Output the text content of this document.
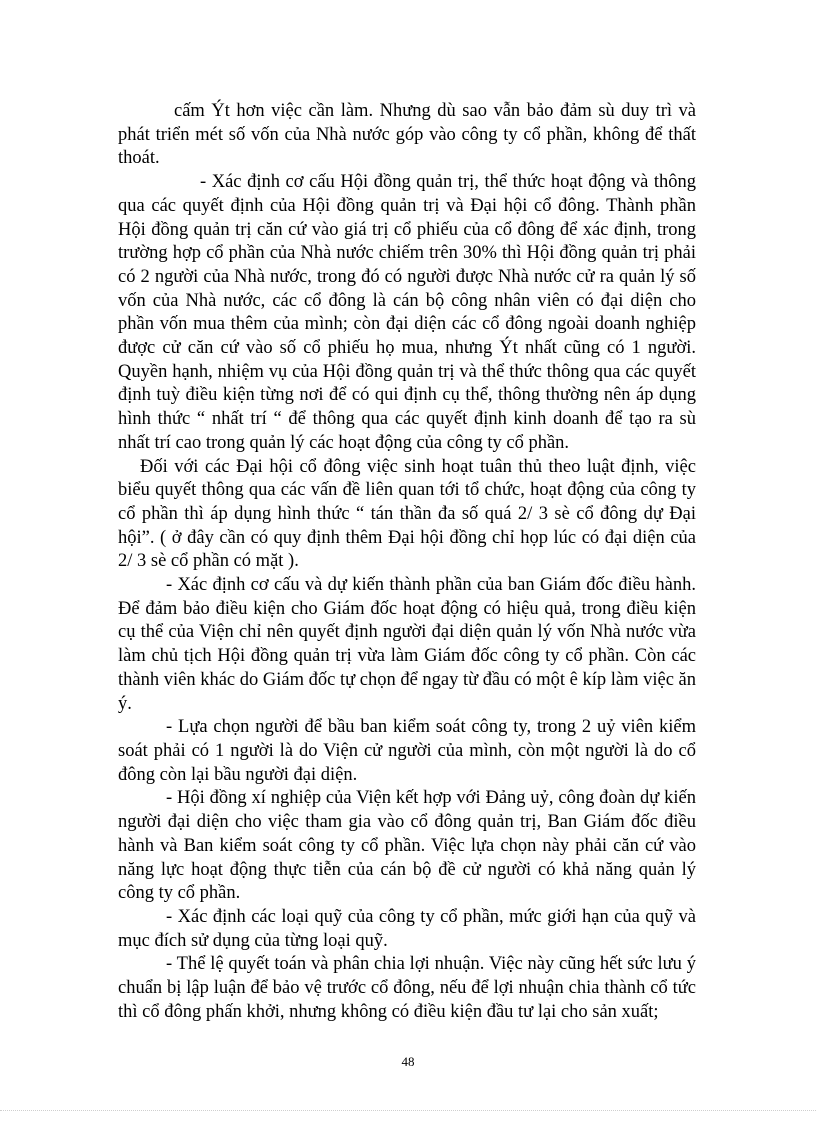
cấm Ýt hơn việc cần làm. Nhưng dù sao vẫn bảo đảm sù duy trì và phát triển mét số vốn của Nhà nước góp vào công ty cổ phần, không để thất thoát.

- Xác định cơ cấu Hội đồng quản trị, thể thức hoạt động và thông qua các quyết định của Hội đồng quản trị và Đại hội cổ đông. Thành phần Hội đồng quản trị căn cứ vào giá trị cổ phiếu của cổ đông để xác định, trong trường hợp cổ phần của Nhà nước chiếm trên 30% thì Hội đồng quản trị phải có 2 người của Nhà nước, trong đó có người được Nhà nước cử ra quản lý số vốn của Nhà nước, các cổ đông là cán bộ công nhân viên có đại diện cho phần vốn mua thêm của mình; còn đại diện các cổ đông ngoài doanh nghiệp được cử căn cứ vào số cổ phiếu họ mua, nhưng Ýt nhất cũng có 1 người. Quyền hạnh, nhiệm vụ của Hội đồng quản trị và thể thức thông qua các quyết định tuỳ điều kiện từng nơi để có qui định cụ thể, thông thường nên áp dụng hình thức “ nhất trí “ để thông qua các quyết định kinh doanh để tạo ra sù nhất trí cao trong quản lý các hoạt động của công ty cổ phần.

Đối với các Đại hội cổ đông việc sinh hoạt tuân thủ theo luật định, việc biểu quyết thông qua các vấn đề liên quan tới tổ chức, hoạt động của công ty cổ phần thì áp dụng hình thức “ tán thần đa số quá 2/ 3 sè cổ đông dự Đại hội”. ( ở đây cần có quy định thêm Đại hội đồng chỉ họp lúc có đại diện của 2/ 3 sè cổ phần có mặt ).

- Xác định cơ cấu và dự kiến thành phần của ban Giám đốc điều hành. Để đảm bảo điều kiện cho Giám đốc hoạt động có hiệu quả, trong điều kiện cụ thể của Viện chỉ nên quyết định người đại diện quản lý vốn Nhà nước vừa làm chủ tịch Hội đồng quản trị vừa làm Giám đốc công ty cổ phần. Còn các thành viên khác do Giám đốc tự chọn để ngay từ đầu có một ê kíp làm việc ăn ý.

- Lựa chọn người để bầu ban kiểm soát công ty, trong 2 uỷ viên kiểm soát phải có 1 người là do Viện cử người của mình, còn một người là do cổ đông còn lại bầu người đại diện.

- Hội đồng xí nghiệp của Viện kết hợp với Đảng uỷ, công đoàn dự kiến người đại diện cho việc tham gia vào cổ đông quản trị, Ban Giám đốc điều hành và Ban kiểm soát công ty cổ phần. Việc lựa chọn này phải căn cứ vào năng lực hoạt động thực tiễn của cán bộ đề cử người có khả năng quản lý công ty cổ phần.

- Xác định các loại quỹ của công ty cổ phần, mức giới hạn của quỹ và mục đích sử dụng của từng loại quỹ.

- Thể lệ quyết toán và phân chia lợi nhuận. Việc này cũng hết sức lưu ý chuẩn bị lập luận để bảo vệ trước cổ đông, nếu để lợi nhuận chia thành cổ tức thì cổ đông phấn khởi, nhưng không có điều kiện đầu tư lại cho sản xuất;

48
